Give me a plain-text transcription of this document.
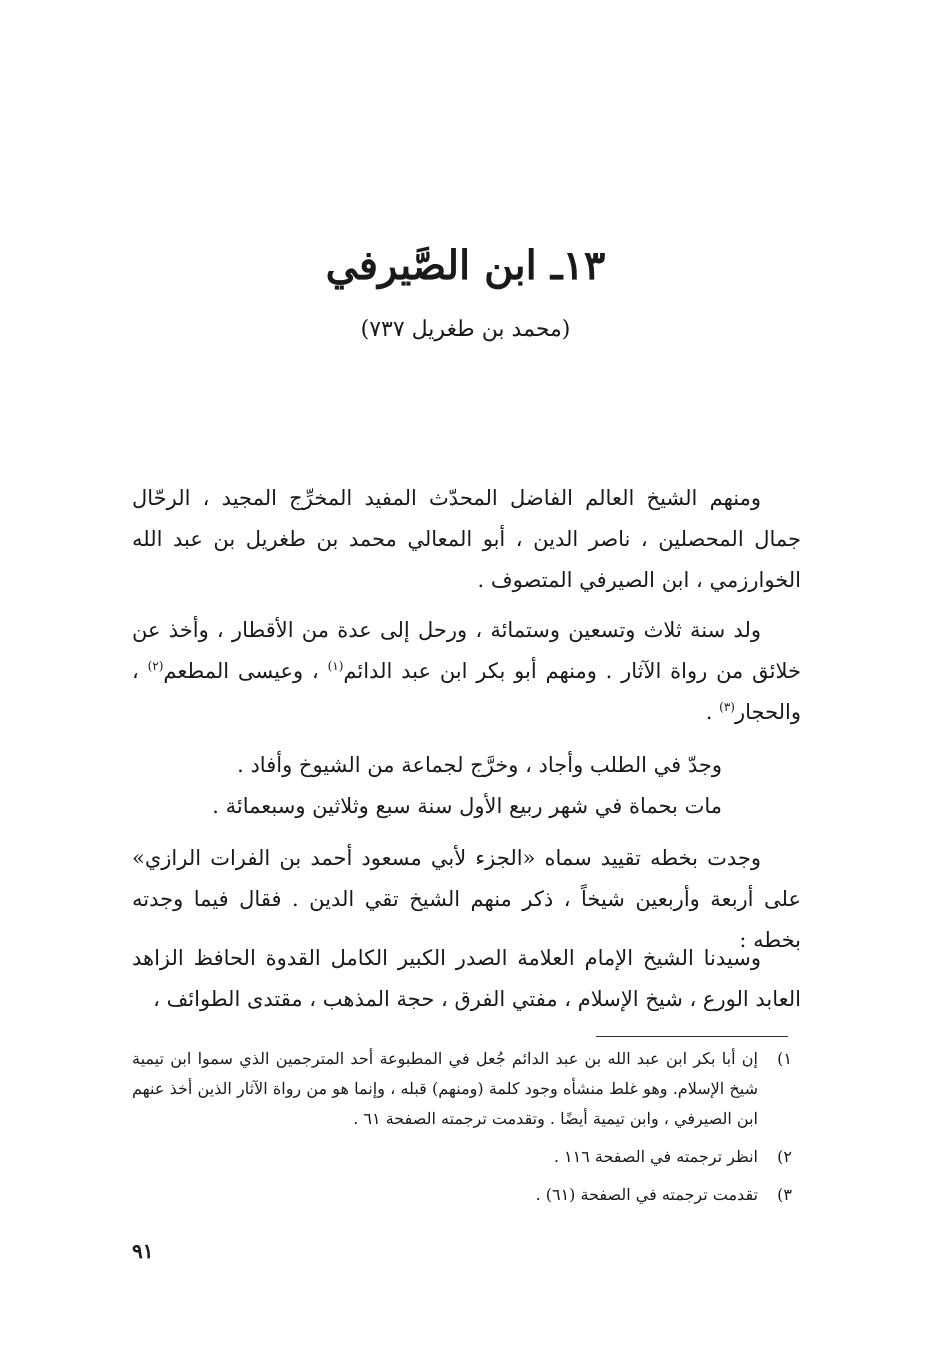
١٣ـ ابن الصَّيرفي
(محمد بن طغريل ٧٣٧)

ومنهم الشيخ العالم الفاضل المحدّث المفيد المخرِّج المجيد ، الرحّال جمال المحصلين ، ناصر الدين ، أبو المعالي محمد بن طغريل بن عبد الله الخوارزمي ، ابن الصيرفي المتصوف .

ولد سنة ثلاث وتسعين وستمائة ، ورحل إلى عدة من الأقطار ، وأخذ عن خلائق من رواة الآثار . ومنهم أبو بكر ابن عبد الدائم$^{(١)}$ ، وعيسى المطعم$^{(٢)}$ ، والحجار$^{(٣)}$ .

وجدّ في الطلب وأجاد ، وخرَّج لجماعة من الشيوخ وأفاد .

مات بحماة في شهر ربيع الأول سنة سبع وثلاثين وسبعمائة .

وجدت بخطه تقييد سماه «الجزء لأبي مسعود أحمد بن الفرات الرازي» على أربعة وأربعين شيخاً ، ذكر منهم الشيخ تقي الدين . فقال فيما وجدته بخطه :

وسيدنا الشيخ الإمام العلامة الصدر الكبير الكامل القدوة الحافظ الزاهد العابد الورع ، شيخ الإسلام ، مفتي الفرق ، حجة المذهب ، مقتدى الطوائف ،

١)
إن أبا بكر ابن عبد الله بن عبد الدائم جُعل في المطبوعة أحد المترجمين الذي سموا ابن تيمية شيخ الإسلام. وهو غلط منشأه وجود كلمة (ومنهم) قبله ، وإنما هو من رواة الآثار الذين أخذ عنهم ابن الصيرفي ، وابن تيمية أيضًا . وتقدمت ترجمته الصفحة ٦١ .
٢)
انظر ترجمته في الصفحة ١١٦ .
٣)
تقدمت ترجمته في الصفحة (٦١) .
٩١
